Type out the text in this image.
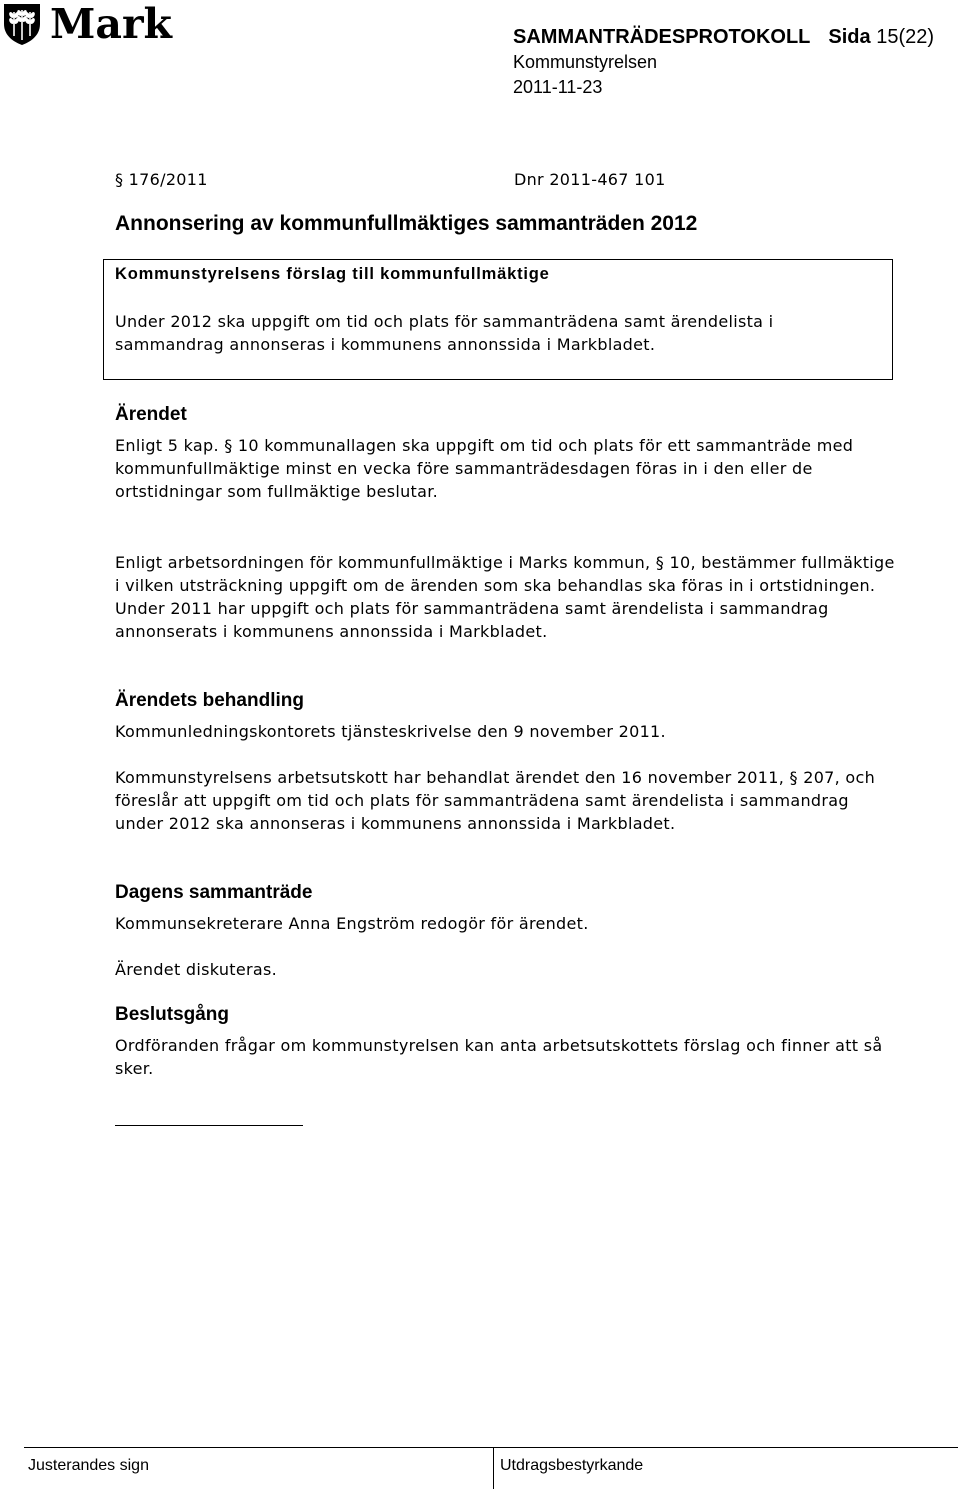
Mark	SAMMANTRÄDESPROTOKOLL Sida 15(22)
Kommunstyrelsen
2011-11-23
§ 176/2011	Dnr 2011-467 101
Annonsering av kommunfullmäktiges sammanträden 2012
Kommunstyrelsens förslag till kommunfullmäktige

Under 2012 ska uppgift om tid och plats för sammanträdena samt ärendelista i sammandrag annonseras i kommunens annonssida i Markbladet.

Ärendet

Enligt 5 kap. § 10 kommunallagen ska uppgift om tid och plats för ett sammanträde med kommunfullmäktige minst en vecka före sammanträdesdagen föras in i den eller de ortstidningar som fullmäktige beslutar.

Enligt arbetsordningen för kommunfullmäktige i Marks kommun, § 10, bestämmer fullmäktige i vilken utsträckning uppgift om de ärenden som ska behandlas ska föras in i ortstidningen. Under 2011 har uppgift och plats för sammanträdena samt ärendelista i sammandrag annonserats i kommunens annonssida i Markbladet.

Ärendets behandling

Kommunledningskontorets tjänsteskrivelse den 9 november 2011.

Kommunstyrelsens arbetsutskott har behandlat ärendet den 16 november 2011, § 207, och föreslår att uppgift om tid och plats för sammanträdena samt ärendelista i sammandrag under 2012 ska annonseras i kommunens annonssida i Markbladet.

Dagens sammanträde

Kommunsekreterare Anna Engström redogör för ärendet.

Ärendet diskuteras.

Beslutsgång

Ordföranden frågar om kommunstyrelsen kan anta arbetsutskottets förslag och finner att så sker.

Justerandes sign	Utdragsbestyrkande
